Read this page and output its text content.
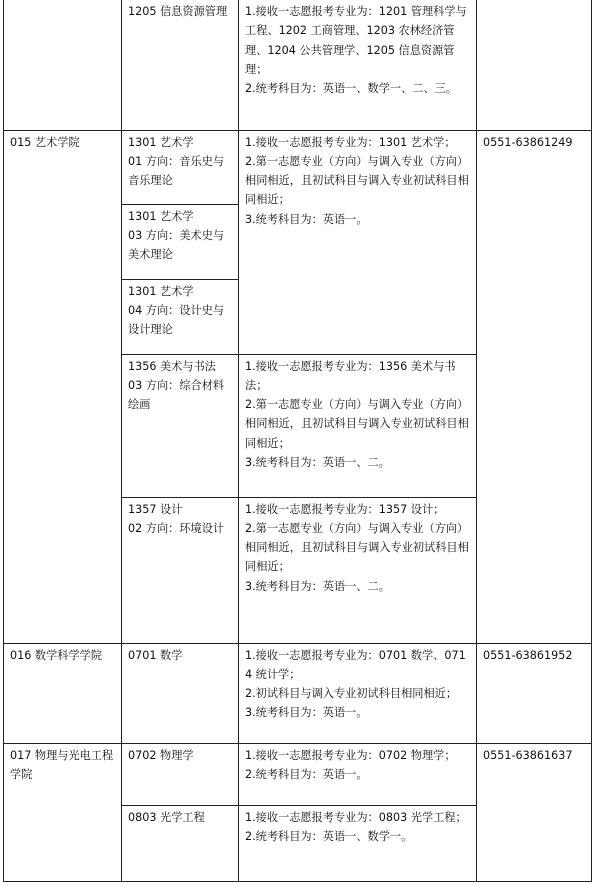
	1205 信息资源管理	1.接收一志愿报考专业为：1201 管理科学与工程、1202 工商管理、1203 农林经济管理、1204 公共管理学、1205 信息资源管理；
2.统考科目为：英语一、数学一、二、三。	

015 艺术学院	1301 艺术学
01 方向：音乐史与音乐理论	1.接收一志愿报考专业为：1301 艺术学；
2.第一志愿专业（方向）与调入专业（方向）相同相近，且初试科目与调入专业初试科目相同相近；
3.统考科目为：英语一。	0551-63861249

	1301 艺术学
03 方向：美术史与美术理论		

	1301 艺术学
04 方向：设计史与设计理论		

	1356 美术与书法
03 方向：综合材料绘画	1.接收一志愿报考专业为：1356 美术与书法；
2.第一志愿专业（方向）与调入专业（方向）相同相近，且初试科目与调入专业初试科目相同相近；
3.统考科目为：英语一、二。	

	1357 设计
02 方向：环境设计	1.接收一志愿报考专业为：1357 设计；
2.第一志愿专业（方向）与调入专业（方向）相同相近，且初试科目与调入专业初试科目相同相近；
3.统考科目为：英语一、二。	

016 数学科学学院	0701 数学	1.接收一志愿报考专业为：0701 数学、0714 统计学；
2.初试科目与调入专业初试科目相同相近；
3.统考科目为：英语一。	0551-63861952

017 物理与光电工程学院	0702 物理学	1.接收一志愿报考专业为：0702 物理学；
2.统考科目为：英语一。	0551-63861637

	0803 光学工程	1.接收一志愿报考专业为：0803 光学工程；
2.统考科目为：英语一、数学一。	
